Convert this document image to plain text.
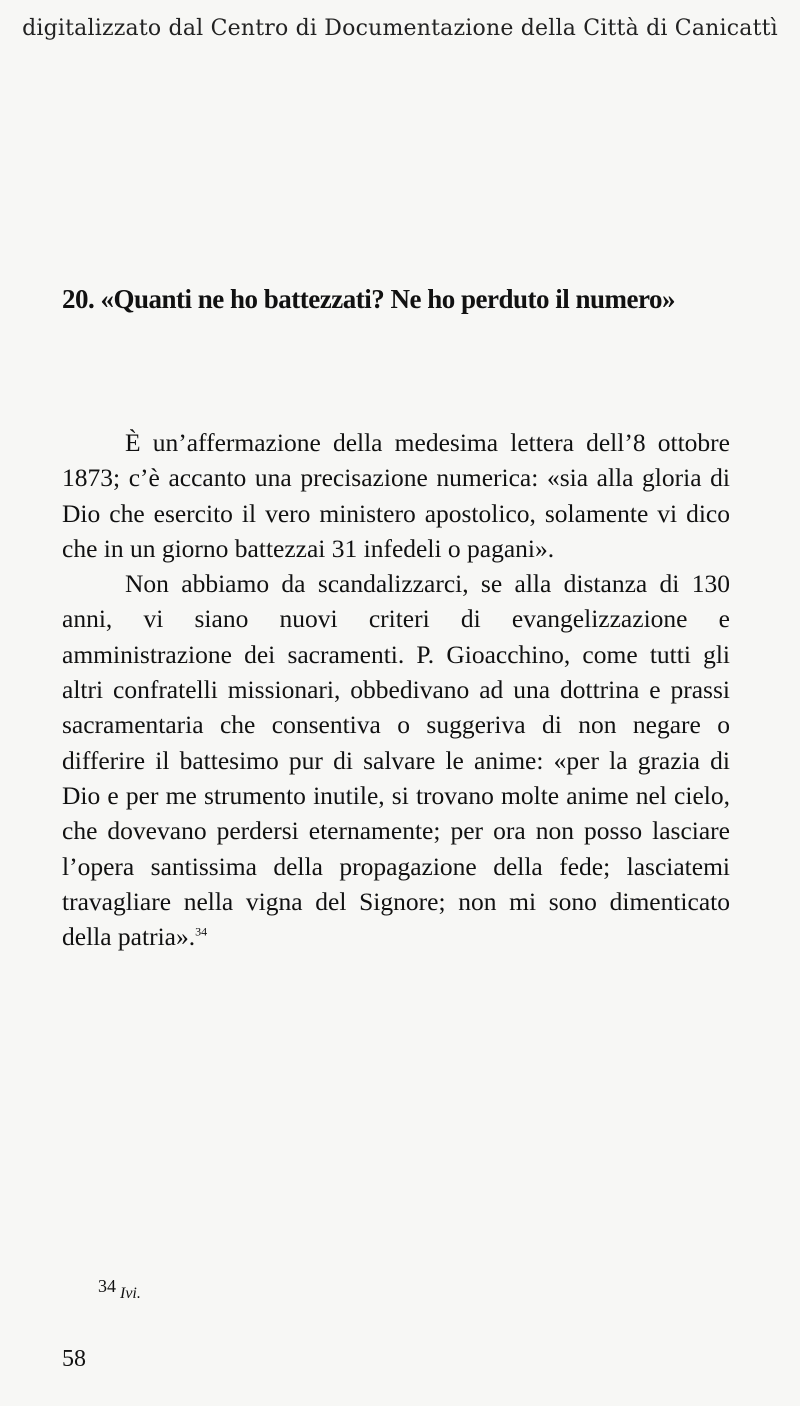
digitalizzato dal Centro di Documentazione della Città di Canicattì
20. «Quanti ne ho battezzati? Ne ho perduto il numero»

È un’affermazione della medesima lettera dell’8 ottobre 1873; c’è accanto una precisazione numerica: «sia alla gloria di Dio che esercito il vero ministero apostolico, solamente vi dico che in un giorno battezzai 31 infedeli o pagani».

Non abbiamo da scandalizzarci, se alla distanza di 130 anni, vi siano nuovi criteri di evangelizzazione e amministrazione dei sacramenti. P. Gioacchino, come tutti gli altri confratelli missionari, obbedivano ad una dottrina e prassi sacramentaria che consentiva o suggeriva di non negare o differire il battesimo pur di salvare le anime: «per la grazia di Dio e per me strumento inutile, si trovano molte anime nel cielo, che dovevano perdersi eternamente; per ora non posso lasciare l’opera santissima della propagazione della fede; lasciatemi travagliare nella vigna del Signore; non mi sono dimenticato della patria».$^{34}$

34 Ivi.
58
